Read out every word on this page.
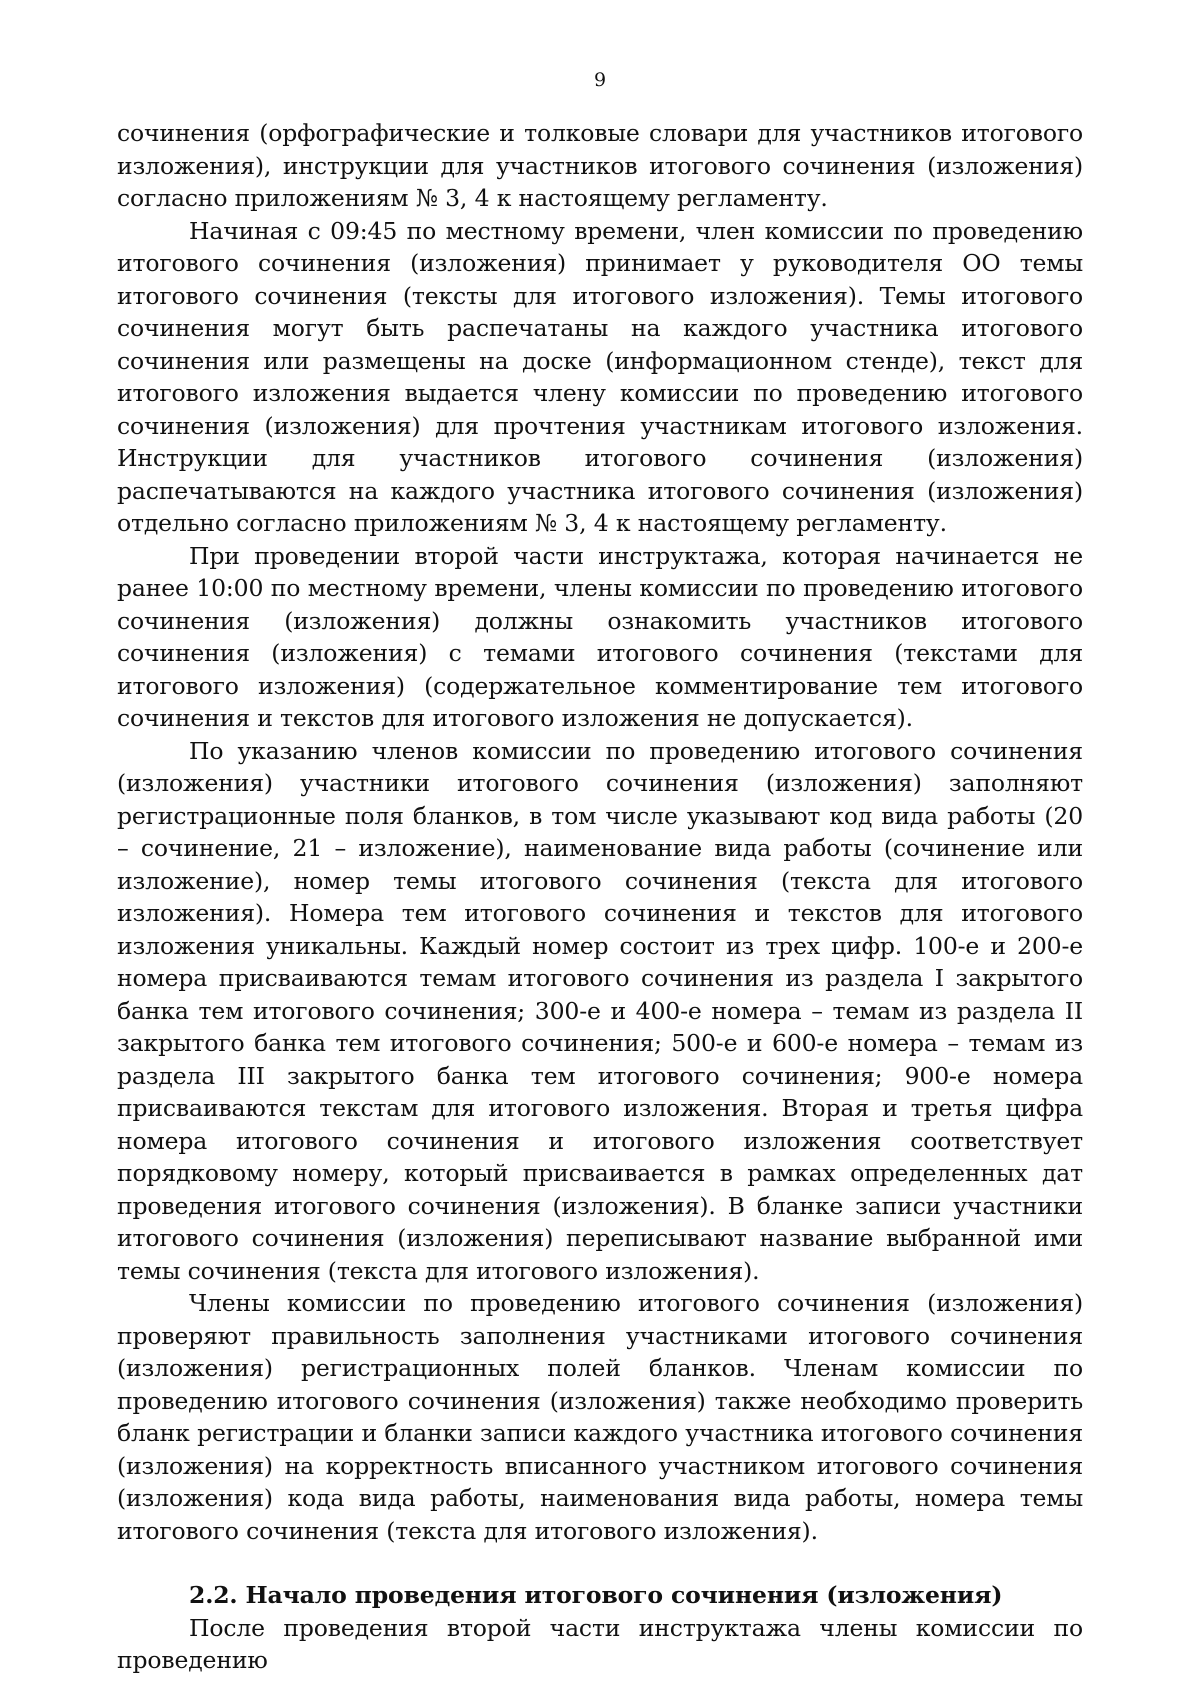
9

сочинения (орфографические и толковые словари для участников итогового изложения), инструкции для участников итогового сочинения (изложения) согласно приложениям № 3, 4 к настоящему регламенту.

Начиная с 09:45 по местному времени, член комиссии по проведению итогового сочинения (изложения) принимает у руководителя ОО темы итогового сочинения (тексты для итогового изложения). Темы итогового сочинения могут быть распечатаны на каждого участника итогового сочинения или размещены на доске (информационном стенде), текст для итогового изложения выдается члену комиссии по проведению итогового сочинения (изложения) для прочтения участникам итогового изложения. Инструкции для участников итогового сочинения (изложения) распечатываются на каждого участника итогового сочинения (изложения) отдельно согласно приложениям № 3, 4 к настоящему регламенту.

При проведении второй части инструктажа, которая начинается не ранее 10:00 по местному времени, члены комиссии по проведению итогового сочинения (изложения) должны ознакомить участников итогового сочинения (изложения) с темами итогового сочинения (текстами для итогового изложения) (содержательное комментирование тем итогового сочинения и текстов для итогового изложения не допускается).

По указанию членов комиссии по проведению итогового сочинения (изложения) участники итогового сочинения (изложения) заполняют регистрационные поля бланков, в том числе указывают код вида работы (20 – сочинение, 21 – изложение), наименование вида работы (сочинение или изложение), номер темы итогового сочинения (текста для итогового изложения). Номера тем итогового сочинения и текстов для итогового изложения уникальны. Каждый номер состоит из трех цифр. 100-е и 200-е номера присваиваются темам итогового сочинения из раздела I закрытого банка тем итогового сочинения; 300-е и 400-е номера – темам из раздела II закрытого банка тем итогового сочинения; 500-е и 600-е номера – темам из раздела III закрытого банка тем итогового сочинения; 900-е номера присваиваются текстам для итогового изложения. Вторая и третья цифра номера итогового сочинения и итогового изложения соответствует порядковому номеру, который присваивается в рамках определенных дат проведения итогового сочинения (изложения). В бланке записи участники итогового сочинения (изложения) переписывают название выбранной ими темы сочинения (текста для итогового изложения).

Члены комиссии по проведению итогового сочинения (изложения) проверяют правильность заполнения участниками итогового сочинения (изложения) регистрационных полей бланков. Членам комиссии по проведению итогового сочинения (изложения) также необходимо проверить бланк регистрации и бланки записи каждого участника итогового сочинения (изложения) на корректность вписанного участником итогового сочинения (изложения) кода вида работы, наименования вида работы, номера темы итогового сочинения (текста для итогового изложения).

2.2. Начало проведения итогового сочинения (изложения)

После проведения второй части инструктажа члены комиссии по проведению
